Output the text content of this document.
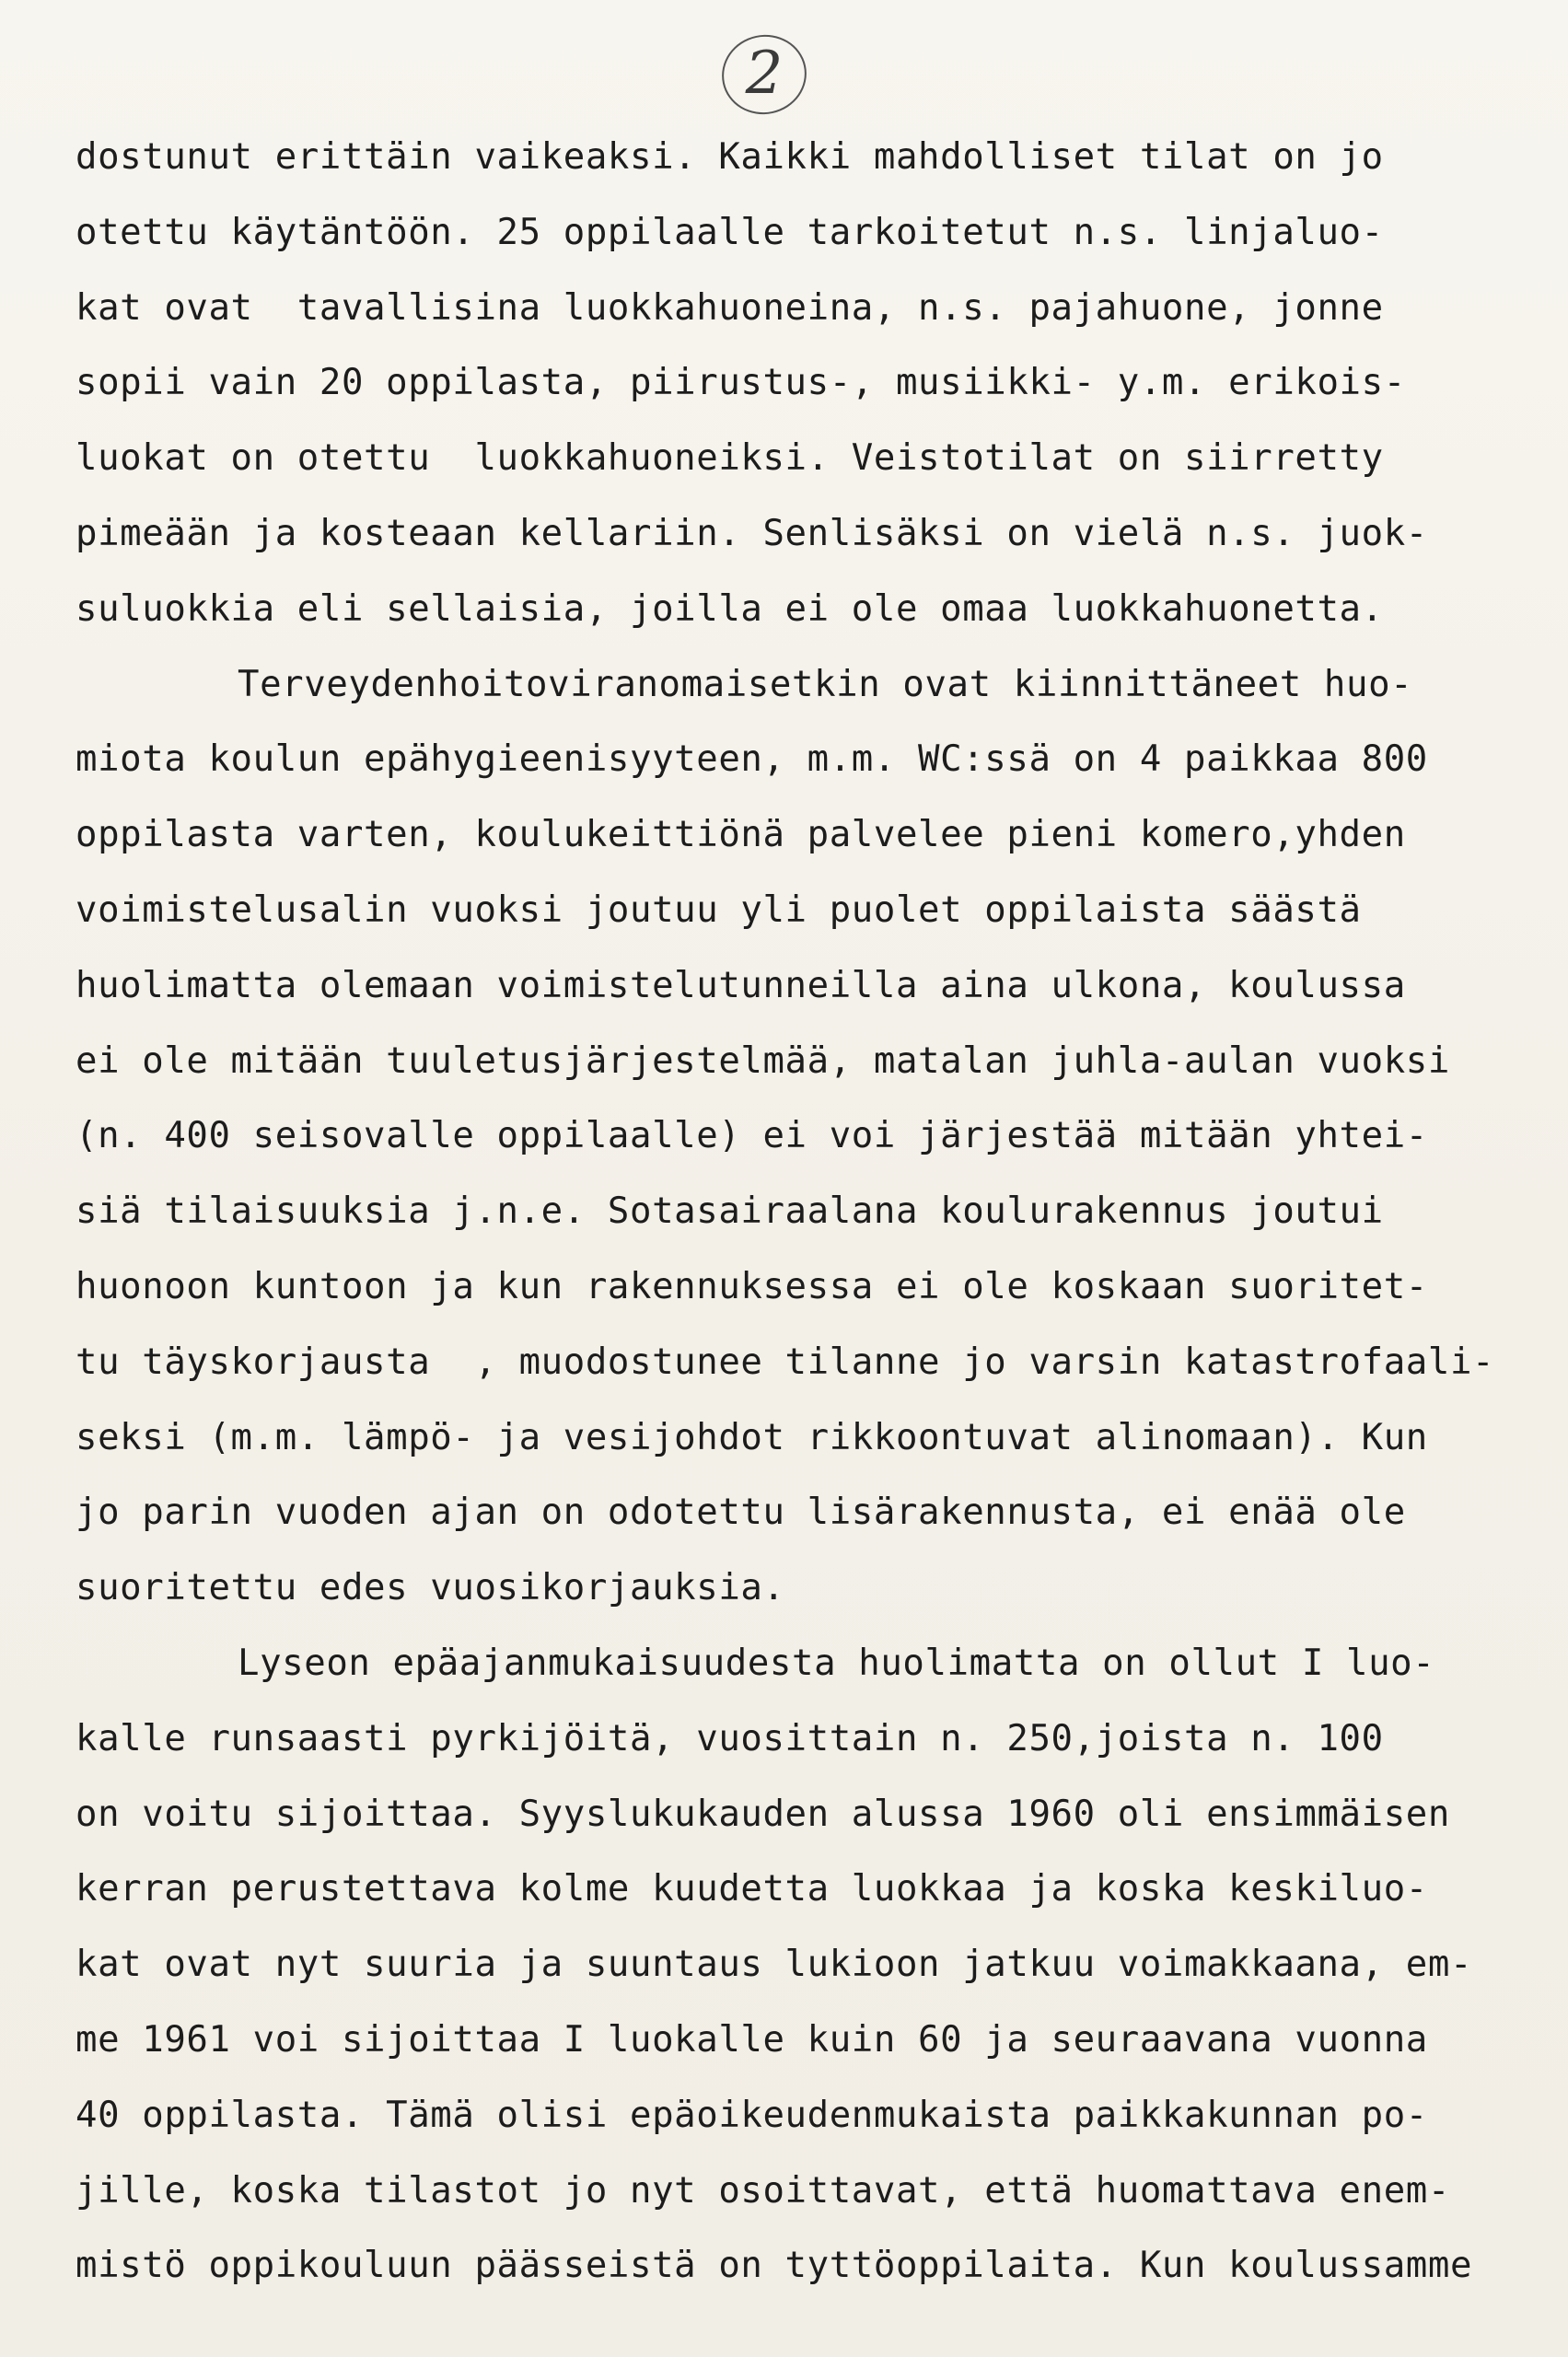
2
dostunut erittäin vaikeaksi. Kaikki mahdolliset tilat on jo
otettu käytäntöön. 25 oppilaalle tarkoitetut n.s. linjaluo-
kat ovat  tavallisina luokkahuoneina, n.s. pajahuone, jonne
sopii vain 20 oppilasta, piirustus-, musiikki- y.m. erikois-
luokat on otettu  luokkahuoneiksi. Veistotilat on siirretty
pimeään ja kosteaan kellariin. Senlisäksi on vielä n.s. juok-
suluokkia eli sellaisia, joilla ei ole omaa luokkahuonetta.
Terveydenhoitoviranomaisetkin ovat kiinnittäneet huo-
miota koulun epähygieenisyyteen, m.m. WC:ssä on 4 paikkaa 800
oppilasta varten, koulukeittiönä palvelee pieni komero,yhden
voimistelusalin vuoksi joutuu yli puolet oppilaista säästä
huolimatta olemaan voimistelutunneilla aina ulkona, koulussa
ei ole mitään tuuletusjärjestelmää, matalan juhla-aulan vuoksi
(n. 400 seisovalle oppilaalle) ei voi järjestää mitään yhtei-
siä tilaisuuksia j.n.e. Sotasairaalana koulurakennus joutui
huonoon kuntoon ja kun rakennuksessa ei ole koskaan suoritet-
tu täyskorjausta  , muodostunee tilanne jo varsin katastrofaali-
seksi (m.m. lämpö- ja vesijohdot rikkoontuvat alinomaan). Kun
jo parin vuoden ajan on odotettu lisärakennusta, ei enää ole
suoritettu edes vuosikorjauksia.
Lyseon epäajanmukaisuudesta huolimatta on ollut I luo-
kalle runsaasti pyrkijöitä, vuosittain n. 250,joista n. 100
on voitu sijoittaa. Syyslukukauden alussa 1960 oli ensimmäisen
kerran perustettava kolme kuudetta luokkaa ja koska keskiluo-
kat ovat nyt suuria ja suuntaus lukioon jatkuu voimakkaana, em-
me 1961 voi sijoittaa I luokalle kuin 60 ja seuraavana vuonna
40 oppilasta. Tämä olisi epäoikeudenmukaista paikkakunnan po-
jille, koska tilastot jo nyt osoittavat, että huomattava enem-
mistö oppikouluun päässeistä on tyttöoppilaita. Kun koulussamme
